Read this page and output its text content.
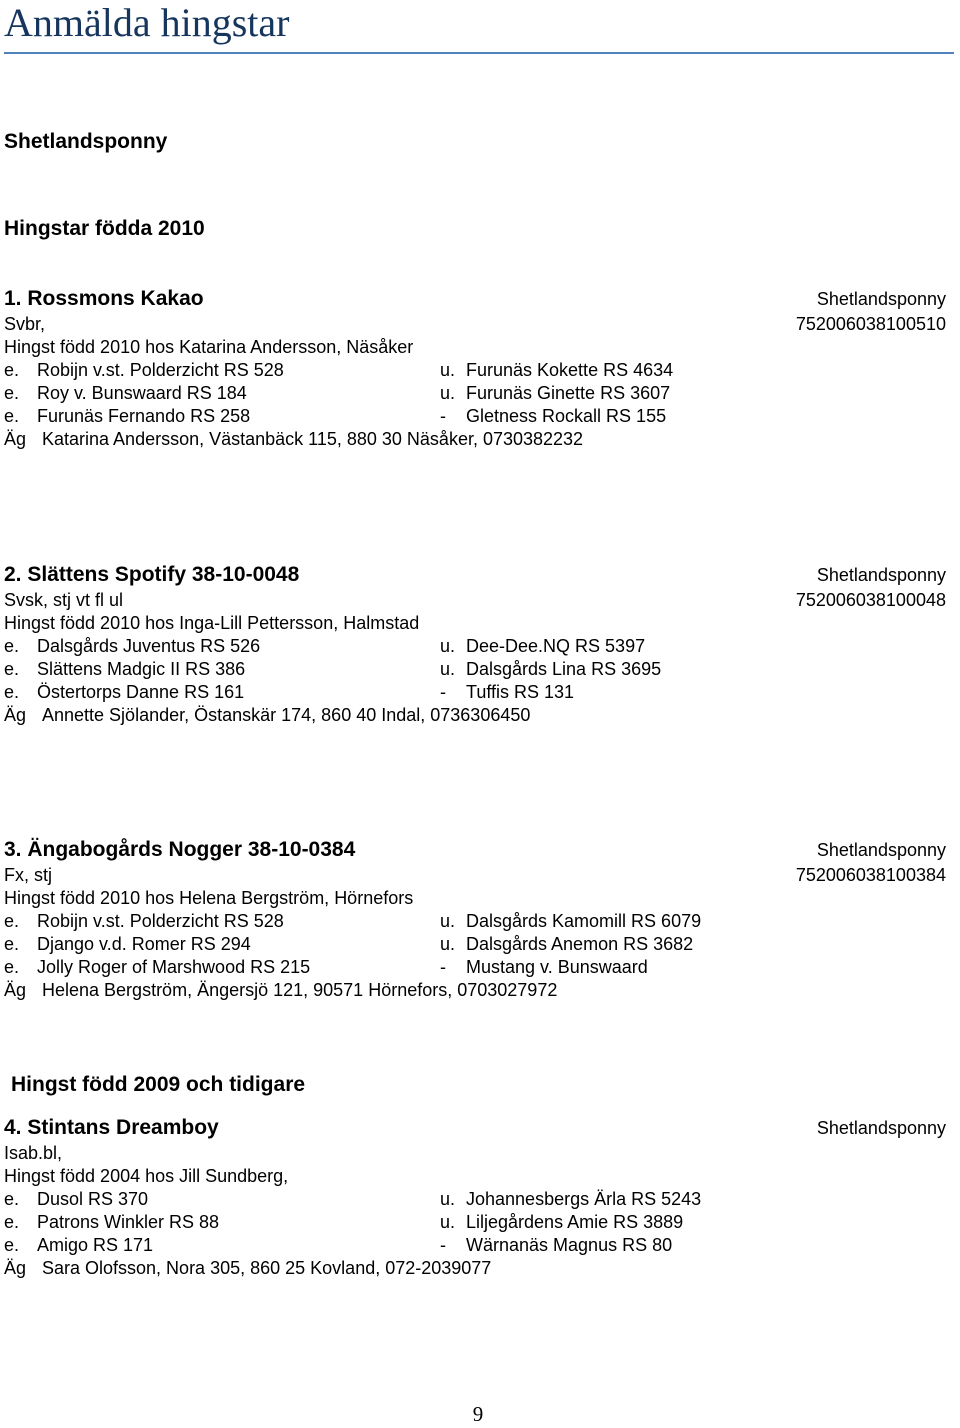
Anmälda hingstar
Shetlandsponny
Hingstar födda 2010
1. Rossmons Kakao	Shetlandsponny
Svbr,	752006038100510
Hingst född 2010 hos Katarina Andersson, Näsåker
e. Robijn v.st. Polderzicht RS 528	u. Furunäs Kokette RS 4634
e. Roy v. Bunswaard RS 184	u. Furunäs Ginette RS 3607
e. Furunäs Fernando RS 258	- Gletness Rockall RS 155
Äg Katarina Andersson, Västanbäck 115, 880 30 Näsåker, 0730382232
2. Slättens Spotify 38-10-0048	Shetlandsponny
Svsk, stj vt fl ul	752006038100048
Hingst född 2010 hos Inga-Lill Pettersson, Halmstad
e. Dalsgårds Juventus RS 526	u. Dee-Dee.NQ RS 5397
e. Slättens Madgic II RS 386	u. Dalsgårds Lina RS 3695
e. Östertorps Danne RS 161	- Tuffis RS 131
Äg Annette Sjölander, Östanskär 174, 860 40 Indal, 0736306450
3. Ängabogårds Nogger 38-10-0384	Shetlandsponny
Fx, stj	752006038100384
Hingst född 2010 hos Helena Bergström, Hörnefors
e. Robijn v.st. Polderzicht RS 528	u. Dalsgårds Kamomill RS 6079
e. Django v.d. Romer RS 294	u. Dalsgårds Anemon RS 3682
e. Jolly Roger of Marshwood RS 215	- Mustang v. Bunswaard
Äg Helena Bergström, Ängersjö 121, 90571 Hörnefors, 0703027972
Hingst född 2009 och tidigare
4. Stintans Dreamboy	Shetlandsponny
Isab.bl,
Hingst född 2004 hos Jill Sundberg,
e. Dusol RS 370	u. Johannesbergs Ärla RS 5243
e. Patrons Winkler RS 88	u. Liljegårdens Amie RS 3889
e. Amigo RS 171	- Wärnanäs Magnus RS 80
Äg Sara Olofsson, Nora 305, 860 25 Kovland, 072-2039077
9
